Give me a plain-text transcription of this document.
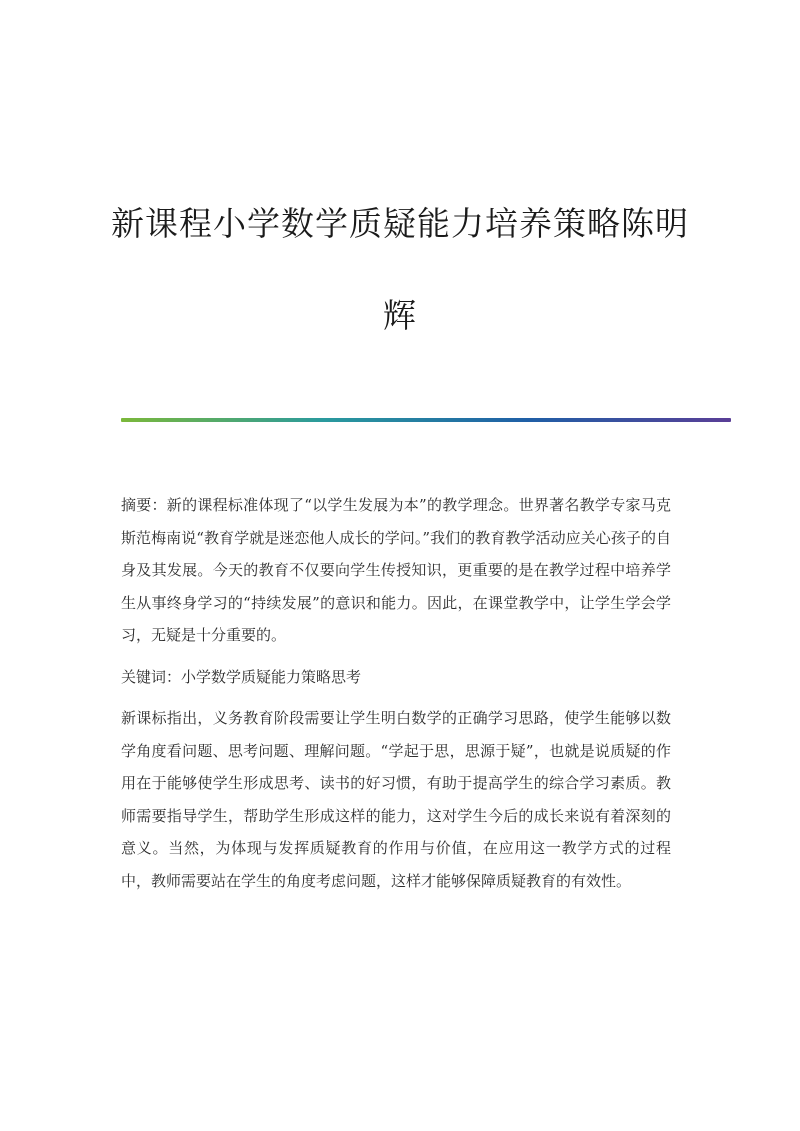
新课程小学数学质疑能力培养策略陈明辉

摘要：新的课程标准体现了“以学生发展为本”的教学理念。世界著名教学专家马克斯范梅南说“教育学就是迷恋他人成长的学问。”我们的教育教学活动应关心孩子的自身及其发展。今天的教育不仅要向学生传授知识，更重要的是在教学过程中培养学生从事终身学习的“持续发展”的意识和能力。因此，在课堂教学中，让学生学会学习，无疑是十分重要的。

关键词：小学数学质疑能力策略思考

新课标指出，义务教育阶段需要让学生明白数学的正确学习思路，使学生能够以数学角度看问题、思考问题、理解问题。“学起于思，思源于疑”，也就是说质疑的作用在于能够使学生形成思考、读书的好习惯，有助于提高学生的综合学习素质。教师需要指导学生，帮助学生形成这样的能力，这对学生今后的成长来说有着深刻的意义。当然，为体现与发挥质疑教育的作用与价值，在应用这一教学方式的过程中，教师需要站在学生的角度考虑问题，这样才能够保障质疑教育的有效性。
